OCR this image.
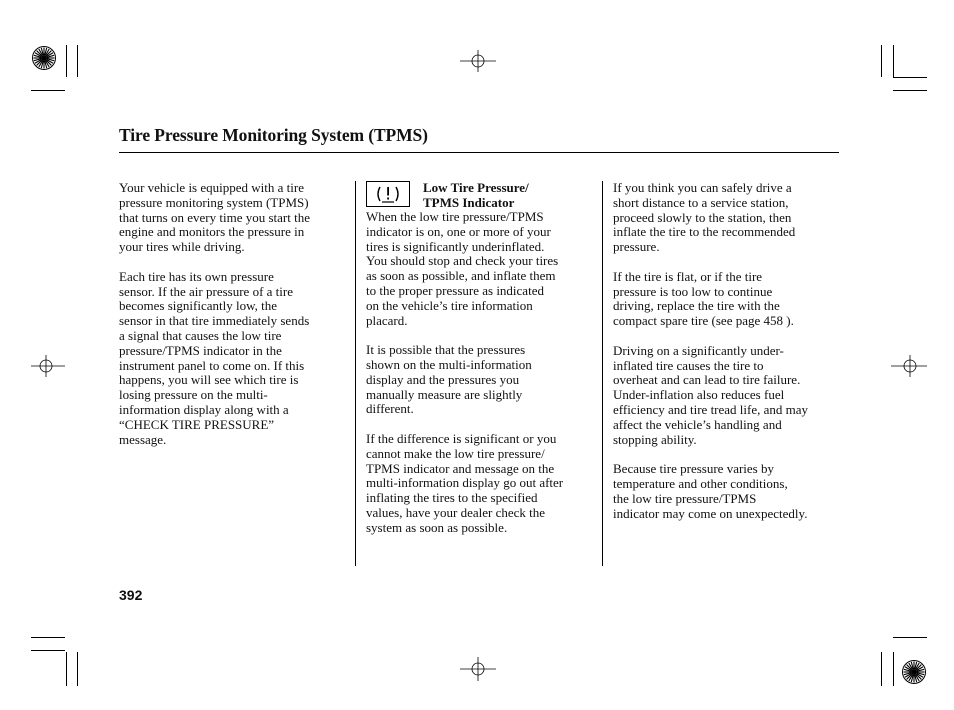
Tire Pressure Monitoring System (TPMS)
Your vehicle is equipped with a tire
pressure monitoring system (TPMS)
that turns on every time you start the
engine and monitors the pressure in
your tires while driving.
Each tire has its own pressure
sensor. If the air pressure of a tire
becomes significantly low, the
sensor in that tire immediately sends
a signal that causes the low tire
pressure/TPMS indicator in the
instrument panel to come on. If this
happens, you will see which tire is
losing pressure on the multi-
information display along with a
“CHECK TIRE PRESSURE”
message.
Low Tire Pressure/
TPMS Indicator
When the low tire pressure/TPMS
indicator is on, one or more of your
tires is significantly underinflated.
You should stop and check your tires
as soon as possible, and inflate them
to the proper pressure as indicated
on the vehicle’s tire information
placard.
It is possible that the pressures
shown on the multi-information
display and the pressures you
manually measure are slightly
different.
If the difference is significant or you
cannot make the low tire pressure/
TPMS indicator and message on the
multi-information display go out after
inflating the tires to the specified
values, have your dealer check the
system as soon as possible.
If you think you can safely drive a
short distance to a service station,
proceed slowly to the station, then
inflate the tire to the recommended
pressure.
If the tire is flat, or if the tire
pressure is too low to continue
driving, replace the tire with the
compact spare tire (see page 458 ).
Driving on a significantly under-
inflated tire causes the tire to
overheat and can lead to tire failure.
Under-inflation also reduces fuel
efficiency and tire tread life, and may
affect the vehicle’s handling and
stopping ability.
Because tire pressure varies by
temperature and other conditions,
the low tire pressure/TPMS
indicator may come on unexpectedly.
392
